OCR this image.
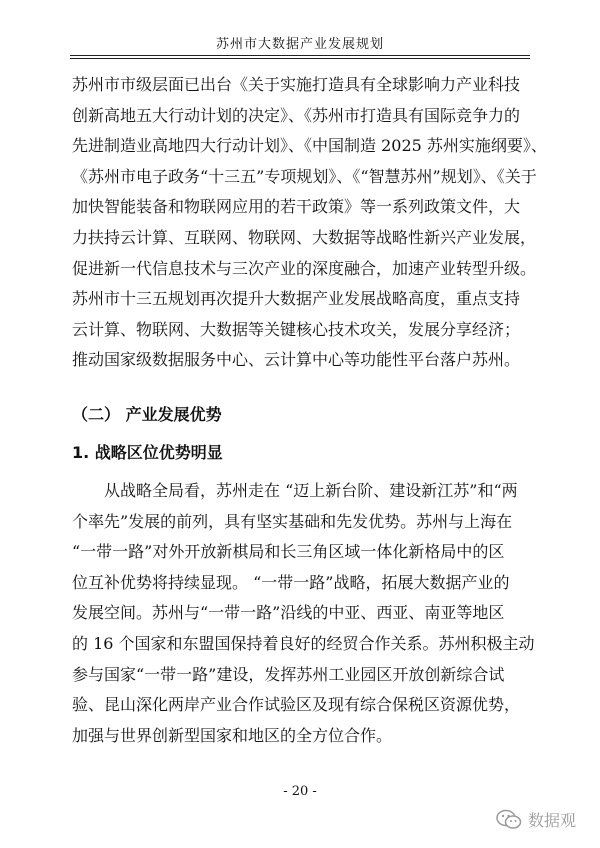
苏州市大数据产业发展规划
苏州市市级层面已出台《关于实施打造具有全球影响力产业科技
创新高地五大行动计划的决定》、《苏州市打造具有国际竞争力的
先进制造业高地四大行动计划》、《中国制造 2025 苏州实施纲要》、
《苏州市电子政务“十三五”专项规划》、《“智慧苏州”规划》、《关于
加快智能装备和物联网应用的若干政策》等一系列政策文件，大
力扶持云计算、互联网、物联网、大数据等战略性新兴产业发展，
促进新一代信息技术与三次产业的深度融合，加速产业转型升级。
苏州市十三五规划再次提升大数据产业发展战略高度，重点支持
云计算、物联网、大数据等关键核心技术攻关，发展分享经济；
推动国家级数据服务中心、云计算中心等功能性平台落户苏州。
（二） 产业发展优势
1. 战略区位优势明显
从战略全局看，苏州走在 “迈上新台阶、建设新江苏”和“两
个率先”发展的前列，具有坚实基础和先发优势。苏州与上海在
“一带一路”对外开放新棋局和长三角区域一体化新格局中的区
位互补优势将持续显现。 “一带一路”战略，拓展大数据产业的
发展空间。苏州与“一带一路”沿线的中亚、西亚、南亚等地区
的 16 个国家和东盟国保持着良好的经贸合作关系。苏州积极主动
参与国家“一带一路”建设，发挥苏州工业园区开放创新综合试
验、昆山深化两岸产业合作试验区及现有综合保税区资源优势，
加强与世界创新型国家和地区的全方位合作。
- 20 -
数据观
